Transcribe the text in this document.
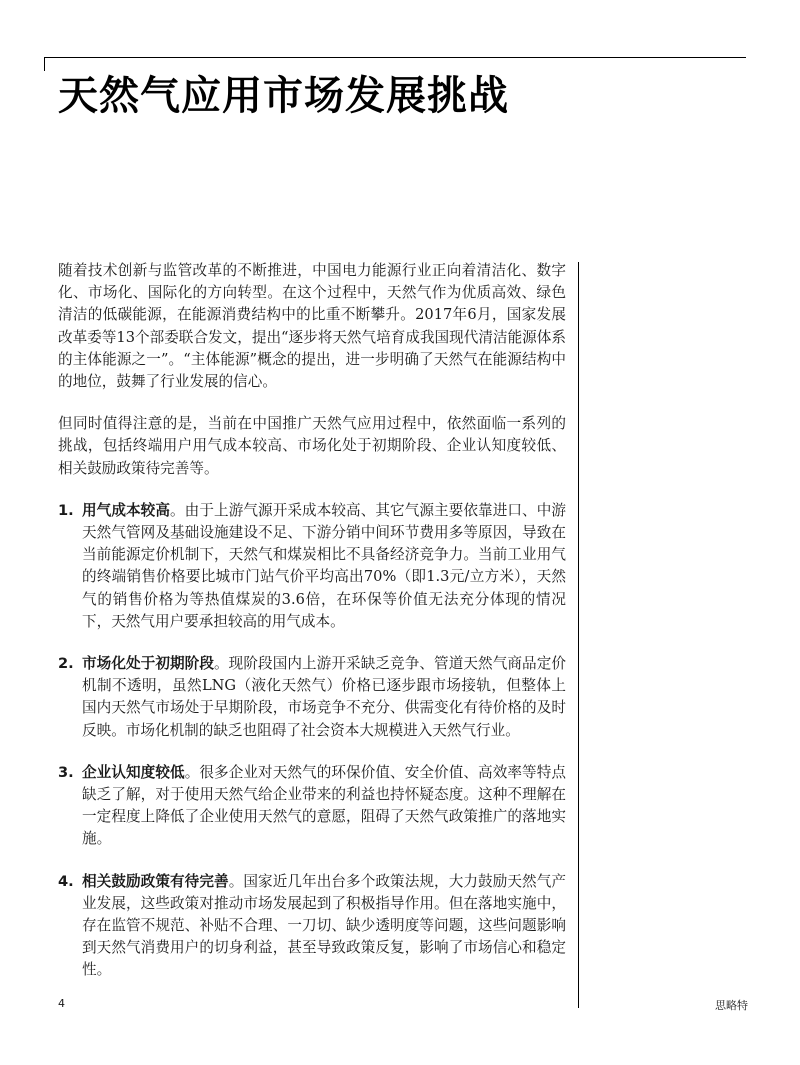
天然气应用市场发展挑战

随着技术创新与监管改革的不断推进，中国电力能源行业正向着清洁化、数字化、市场化、国际化的方向转型。在这个过程中，天然气作为优质高效、绿色清洁的低碳能源，在能源消费结构中的比重不断攀升。2017年6月，国家发展改革委等13个部委联合发文，提出“逐步将天然气培育成我国现代清洁能源体系的主体能源之一”。“主体能源”概念的提出，进一步明确了天然气在能源结构中的地位，鼓舞了行业发展的信心。

但同时值得注意的是，当前在中国推广天然气应用过程中，依然面临一系列的挑战，包括终端用户用气成本较高、市场化处于初期阶段、企业认知度较低、相关鼓励政策待完善等。

1. 用气成本较高。由于上游气源开采成本较高、其它气源主要依靠进口、中游天然气管网及基础设施建设不足、下游分销中间环节费用多等原因，导致在当前能源定价机制下，天然气和煤炭相比不具备经济竞争力。当前工业用气的终端销售价格要比城市门站气价平均高出70%（即1.3元/立方米），天然气的销售价格为等热值煤炭的3.6倍，在环保等价值无法充分体现的情况下，天然气用户要承担较高的用气成本。
2. 市场化处于初期阶段。现阶段国内上游开采缺乏竞争、管道天然气商品定价机制不透明，虽然LNG（液化天然气）价格已逐步跟市场接轨，但整体上国内天然气市场处于早期阶段，市场竞争不充分、供需变化有待价格的及时反映。市场化机制的缺乏也阻碍了社会资本大规模进入天然气行业。
3. 企业认知度较低。很多企业对天然气的环保价值、安全价值、高效率等特点缺乏了解，对于使用天然气给企业带来的利益也持怀疑态度。这种不理解在一定程度上降低了企业使用天然气的意愿，阻碍了天然气政策推广的落地实施。
4. 相关鼓励政策有待完善。国家近几年出台多个政策法规，大力鼓励天然气产业发展，这些政策对推动市场发展起到了积极指导作用。但在落地实施中，存在监管不规范、补贴不合理、一刀切、缺少透明度等问题，这些问题影响到天然气消费用户的切身利益，甚至导致政策反复，影响了市场信心和稳定性。
4	思略特
